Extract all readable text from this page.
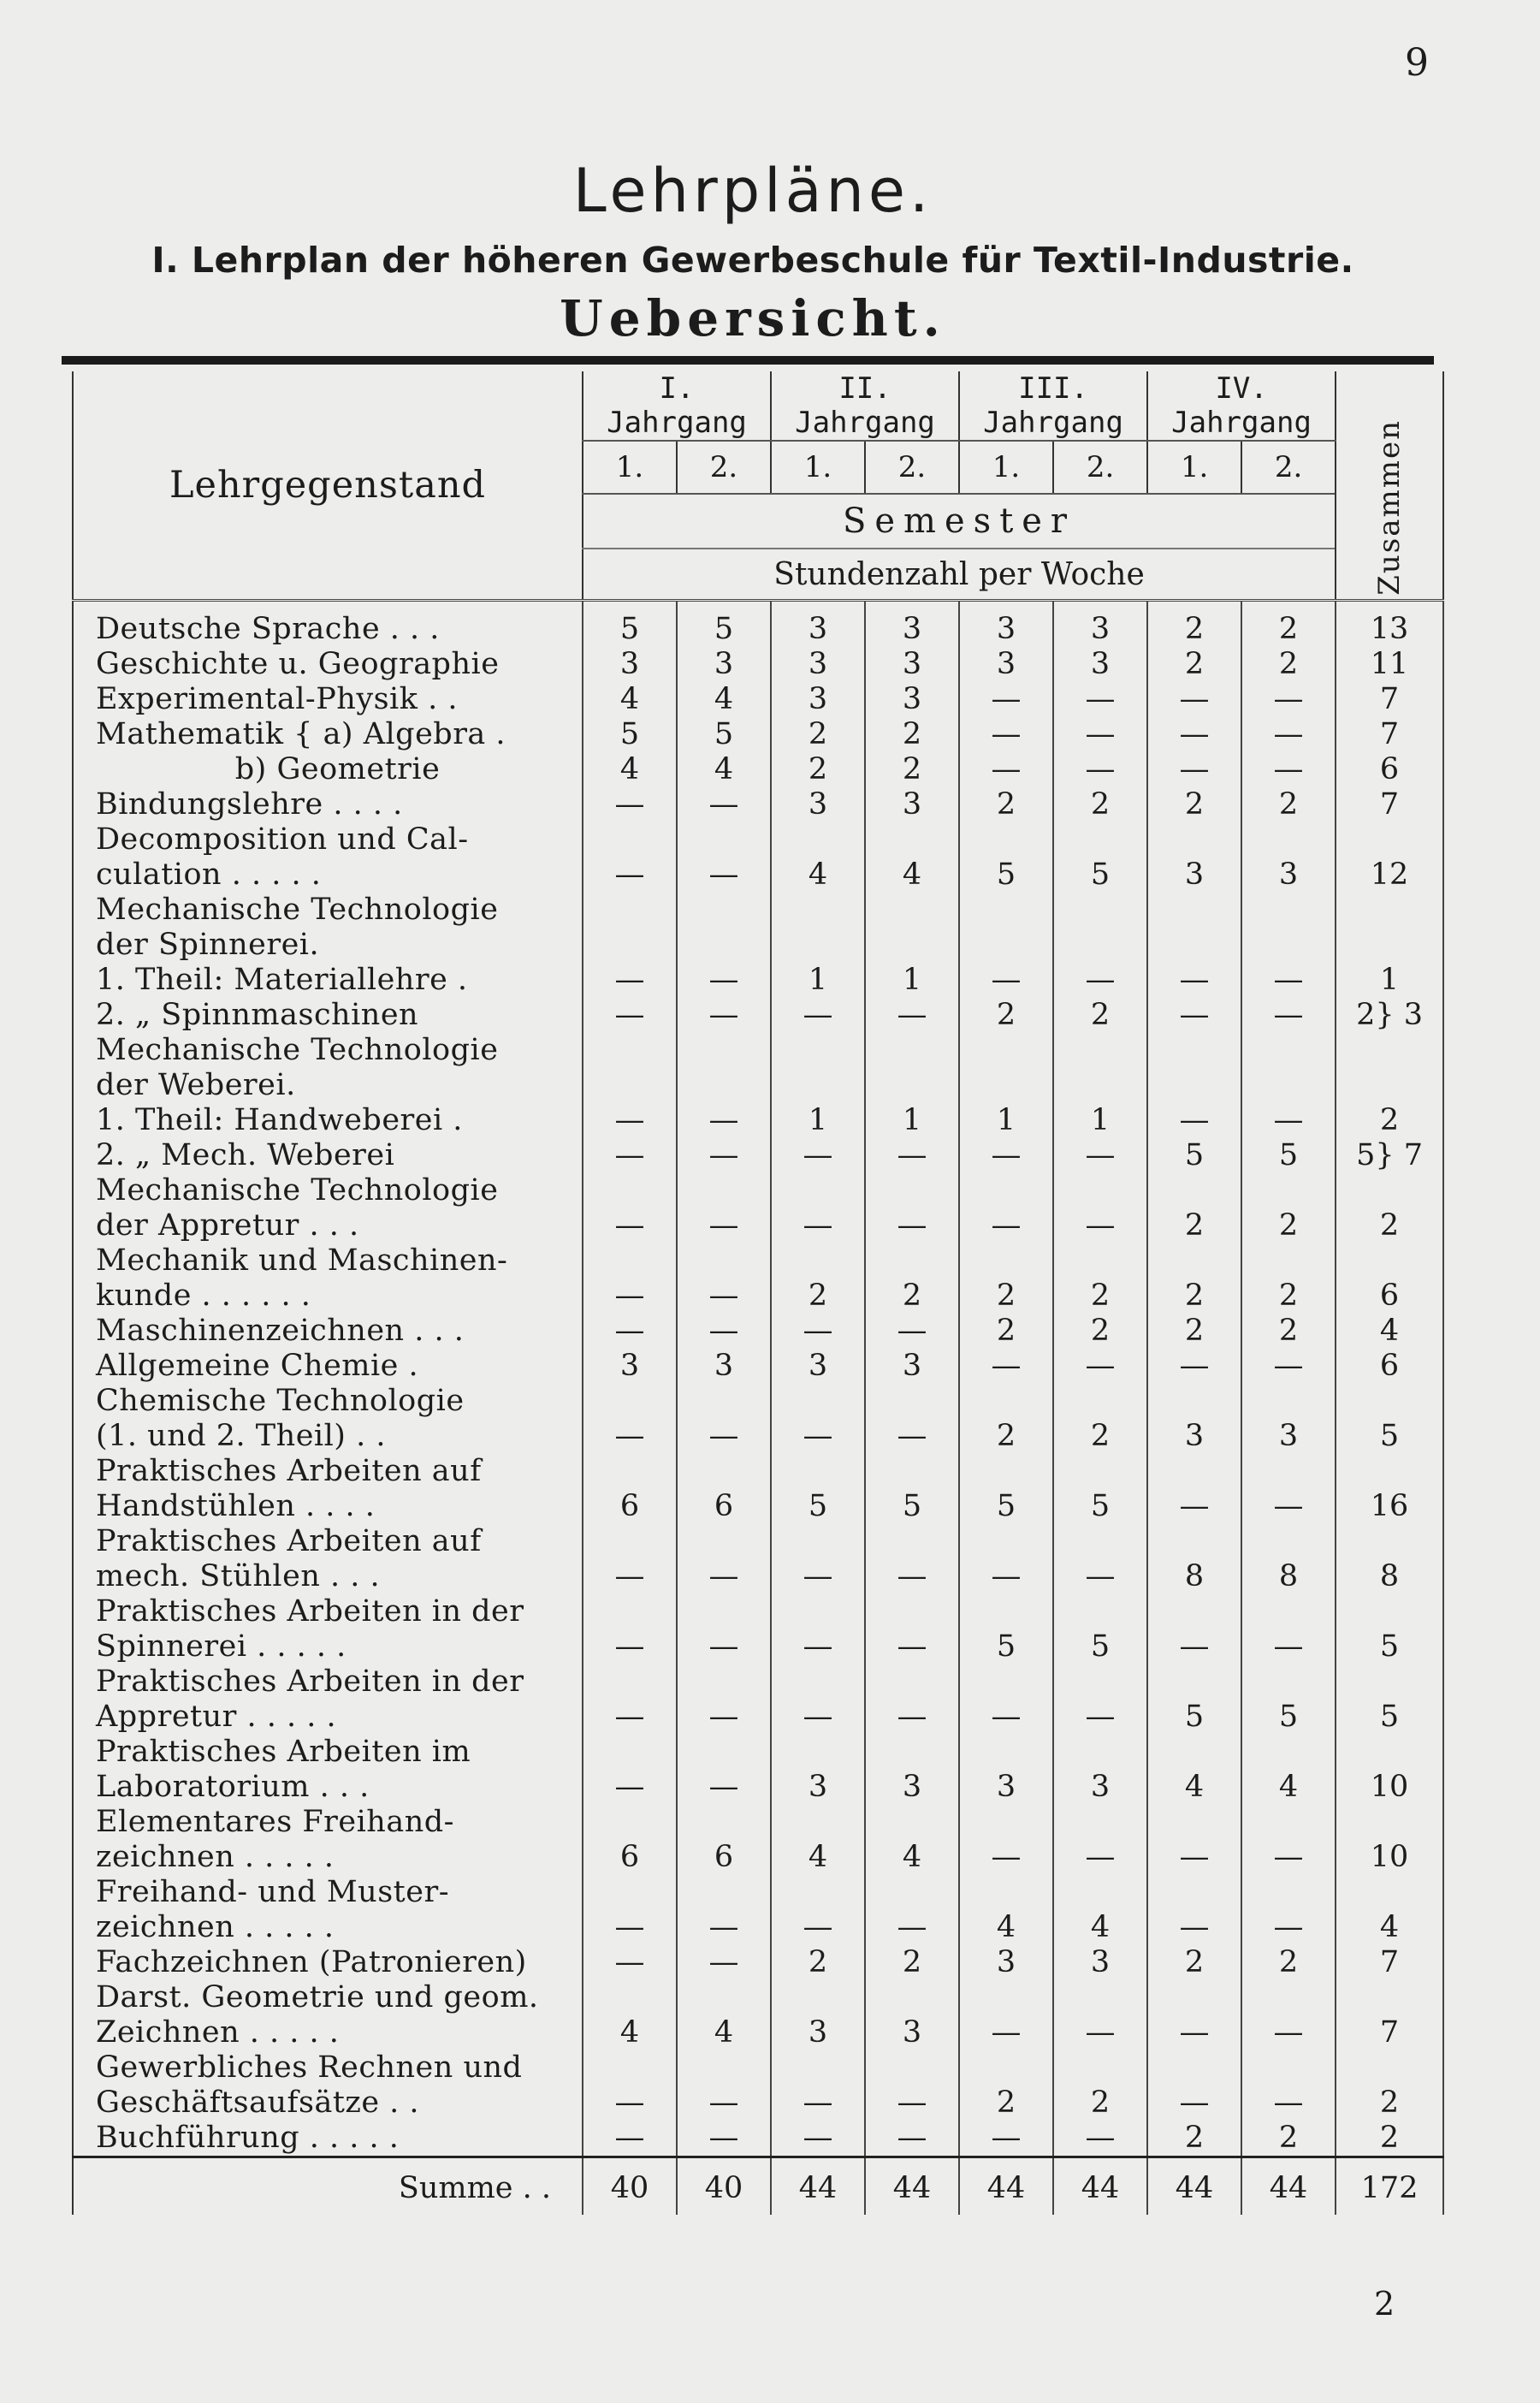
9
Lehrpläne.
I. Lehrplan der höheren Gewerbeschule für Textil-Industrie.
Uebersicht.
Lehrgegenstand	I. Jahrgang		II. Jahrgang		III. Jahrgang		IV. Jahrgang		Zusammen
	1.	2.	1.	2.	1.	2.	1.	2.	
	Semester								
	Stundenzahl per Woche								

Deutsche Sprache . . .	5	5	3	3	3	3	2	2	13
Geschichte u. Geographie	3	3	3	3	3	3	2	2	11
Experimental-Physik . .	4	4	3	3	—	—	—	—	7
Mathematik { a) Algebra .	5	5	2	2	—	—	—	—	7
b) Geometrie	4	4	2	2	—	—	—	—	6
Bindungslehre . . . .	—	—	3	3	2	2	2	2	7
Decomposition und Cal-
culation . . . . .	—	—	4	4	5	5	3	3	12
Mechanische Technologie
der Spinnerei.									
1. Theil: Materiallehre .	—	—	1	1	—	—	—	—	1
2. „ Spinnmaschinen	—	—	—	—	2	2	—	—	2} 3
Mechanische Technologie
der Weberei.									
1. Theil: Handweberei .	—	—	1	1	1	1	—	—	2
2. „ Mech. Weberei	—	—	—	—	—	—	5	5	5} 7
Mechanische Technologie
der Appretur . . .	—	—	—	—	—	—	2	2	2
Mechanik und Maschinen-
kunde . . . . . .	—	—	2	2	2	2	2	2	6
Maschinenzeichnen . . .	—	—	—	—	2	2	2	2	4
Allgemeine Chemie .	3	3	3	3	—	—	—	—	6
Chemische Technologie
(1. und 2. Theil) . .	—	—	—	—	2	2	3	3	5
Praktisches Arbeiten auf
Handstühlen . . . .	6	6	5	5	5	5	—	—	16
Praktisches Arbeiten auf
mech. Stühlen . . .	—	—	—	—	—	—	8	8	8
Praktisches Arbeiten in der
Spinnerei . . . . .	—	—	—	—	5	5	—	—	5
Praktisches Arbeiten in der
Appretur . . . . .	—	—	—	—	—	—	5	5	5
Praktisches Arbeiten im
Laboratorium . . .	—	—	3	3	3	3	4	4	10
Elementares Freihand-
zeichnen . . . . .	6	6	4	4	—	—	—	—	10
Freihand- und Muster-
zeichnen . . . . .	—	—	—	—	4	4	—	—	4
Fachzeichnen (Patronieren)	—	—	2	2	3	3	2	2	7
Darst. Geometrie und geom.
Zeichnen . . . . .	4	4	3	3	—	—	—	—	7
Gewerbliches Rechnen und
Geschäftsaufsätze . .	—	—	—	—	2	2	—	—	2
Buchführung . . . . .	—	—	—	—	—	—	2	2	2
Summe . .	40	40	44	44	44	44	44	44	172
2
